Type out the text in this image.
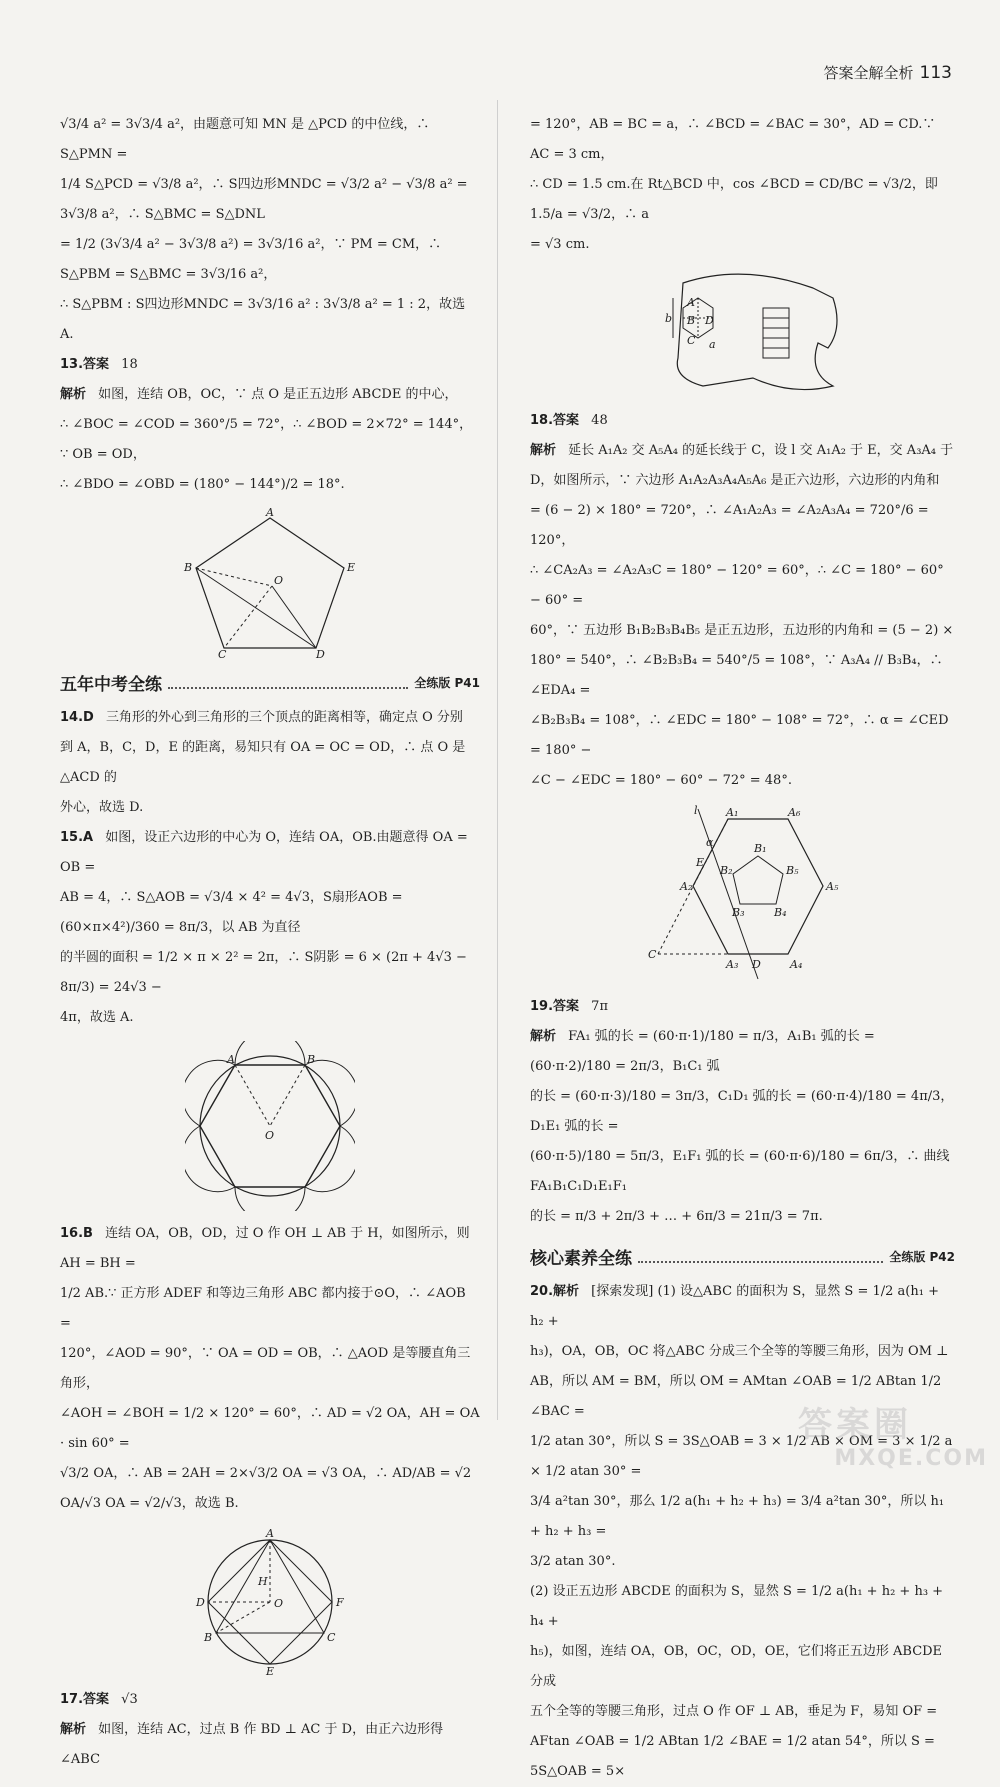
答案全解全析 113

√3/4 a² = 3√3/4 a²，由题意可知 MN 是 △PCD 的中位线，∴ S△PMN =

1/4 S△PCD = √3/8 a²，∴ S四边形MNDC = √3/2 a² − √3/8 a² = 3√3/8 a²，∴ S△BMC = S△DNL

= 1/2 (3√3/4 a² − 3√3/8 a²) = 3√3/16 a²，∵ PM = CM，∴ S△PBM = S△BMC = 3√3/16 a²，

∴ S△PBM : S四边形MNDC = 3√3/16 a² : 3√3/8 a² = 1 : 2，故选 A.

13.答案 18

解析 如图，连结 OB，OC，∵ 点 O 是正五边形 ABCDE 的中心，

∴ ∠BOC = ∠COD = 360°/5 = 72°，∴ ∠BOD = 2×72° = 144°，∵ OB = OD，

∴ ∠BDO = ∠OBD = (180° − 144°)/2 = 18°.

A
B
C	D
E
O
五年中考全练	全练版 P41

14.D 三角形的外心到三角形的三个顶点的距离相等，确定点 O 分别

到 A，B，C，D，E 的距离，易知只有 OA = OC = OD，∴ 点 O 是△ACD 的

外心，故选 D.

15.A 如图，设正六边形的中心为 O，连结 OA，OB.由题意得 OA = OB =

AB = 4，∴ S△AOB = √3/4 × 4² = 4√3，S扇形AOB = (60×π×4²)/360 = 8π/3，以 AB 为直径

的半圆的面积 = 1/2 × π × 2² = 2π，∴ S阴影 = 6 × (2π + 4√3 − 8π/3) = 24√3 −

4π，故选 A.

A	B
O

16.B 连结 OA，OB，OD，过 O 作 OH ⊥ AB 于 H，如图所示，则 AH = BH =

1/2 AB.∵ 正方形 ADEF 和等边三角形 ABC 都内接于⊙O，∴ ∠AOB =

120°，∠AOD = 90°，∵ OA = OD = OB，∴ △AOD 是等腰直角三角形，

∠AOH = ∠BOH = 1/2 × 120° = 60°，∴ AD = √2 OA，AH = OA · sin 60° =

√3/2 OA，∴ AB = 2AH = 2×√3/2 OA = √3 OA，∴ AD/AB = √2 OA/√3 OA = √2/√3，故选 B.

A
B	C
D
E
F
H
O

17.答案 √3

解析 如图，连结 AC，过点 B 作 BD ⊥ AC 于 D，由正六边形得 ∠ABC

= 120°，AB = BC = a，∴ ∠BCD = ∠BAC = 30°，AD = CD.∵ AC = 3 cm，

∴ CD = 1.5 cm.在 Rt△BCD 中，cos ∠BCD = CD/BC = √3/2，即 1.5/a = √3/2，∴ a

= √3 cm.

A
B
C
D
a
b

18.答案 48

解析 延长 A₁A₂ 交 A₅A₄ 的延长线于 C，设 l 交 A₁A₂ 于 E，交 A₃A₄ 于

D，如图所示，∵ 六边形 A₁A₂A₃A₄A₅A₆ 是正六边形，六边形的内角和

= (6 − 2) × 180° = 720°，∴ ∠A₁A₂A₃ = ∠A₂A₃A₄ = 720°/6 = 120°，

∴ ∠CA₂A₃ = ∠A₂A₃C = 180° − 120° = 60°，∴ ∠C = 180° − 60° − 60° =

60°，∵ 五边形 B₁B₂B₃B₄B₅ 是正五边形，五边形的内角和 = (5 − 2) ×

180° = 540°，∴ ∠B₂B₃B₄ = 540°/5 = 108°，∵ A₃A₄ // B₃B₄，∴ ∠EDA₄ =

∠B₂B₃B₄ = 108°，∴ ∠EDC = 180° − 108° = 72°，∴ α = ∠CED = 180° −

∠C − ∠EDC = 180° − 60° − 72° = 48°.

l
α
E
A₁	A₆
A₂	A₅
A₃	A₄
C
D
B₁
B₂
B₃	B₄
B₅

19.答案 7π

解析 FA₁ 弧的长 = (60·π·1)/180 = π/3，A₁B₁ 弧的长 = (60·π·2)/180 = 2π/3，B₁C₁ 弧

的长 = (60·π·3)/180 = 3π/3，C₁D₁ 弧的长 = (60·π·4)/180 = 4π/3，D₁E₁ 弧的长 =

(60·π·5)/180 = 5π/3，E₁F₁ 弧的长 = (60·π·6)/180 = 6π/3，∴ 曲线 FA₁B₁C₁D₁E₁F₁

的长 = π/3 + 2π/3 + … + 6π/3 = 21π/3 = 7π.

核心素养全练	全练版 P42

20.解析 [探索发现] (1) 设△ABC 的面积为 S，显然 S = 1/2 a(h₁ + h₂ +

h₃)，OA，OB，OC 将△ABC 分成三个全等的等腰三角形，因为 OM ⊥

AB，所以 AM = BM，所以 OM = AMtan ∠OAB = 1/2 ABtan 1/2 ∠BAC =

1/2 atan 30°，所以 S = 3S△OAB = 3 × 1/2 AB × OM = 3 × 1/2 a × 1/2 atan 30° =

3/4 a²tan 30°，那么 1/2 a(h₁ + h₂ + h₃) = 3/4 a²tan 30°，所以 h₁ + h₂ + h₃ =

3/2 atan 30°.

(2) 设正五边形 ABCDE 的面积为 S，显然 S = 1/2 a(h₁ + h₂ + h₃ + h₄ +

h₅)，如图，连结 OA，OB，OC，OD，OE，它们将正五边形 ABCDE 分成

五个全等的等腰三角形，过点 O 作 OF ⊥ AB，垂足为 F，易知 OF =

AFtan ∠OAB = 1/2 ABtan 1/2 ∠BAE = 1/2 atan 54°，所以 S = 5S△OAB = 5×

答案圈
MXQE.COM
